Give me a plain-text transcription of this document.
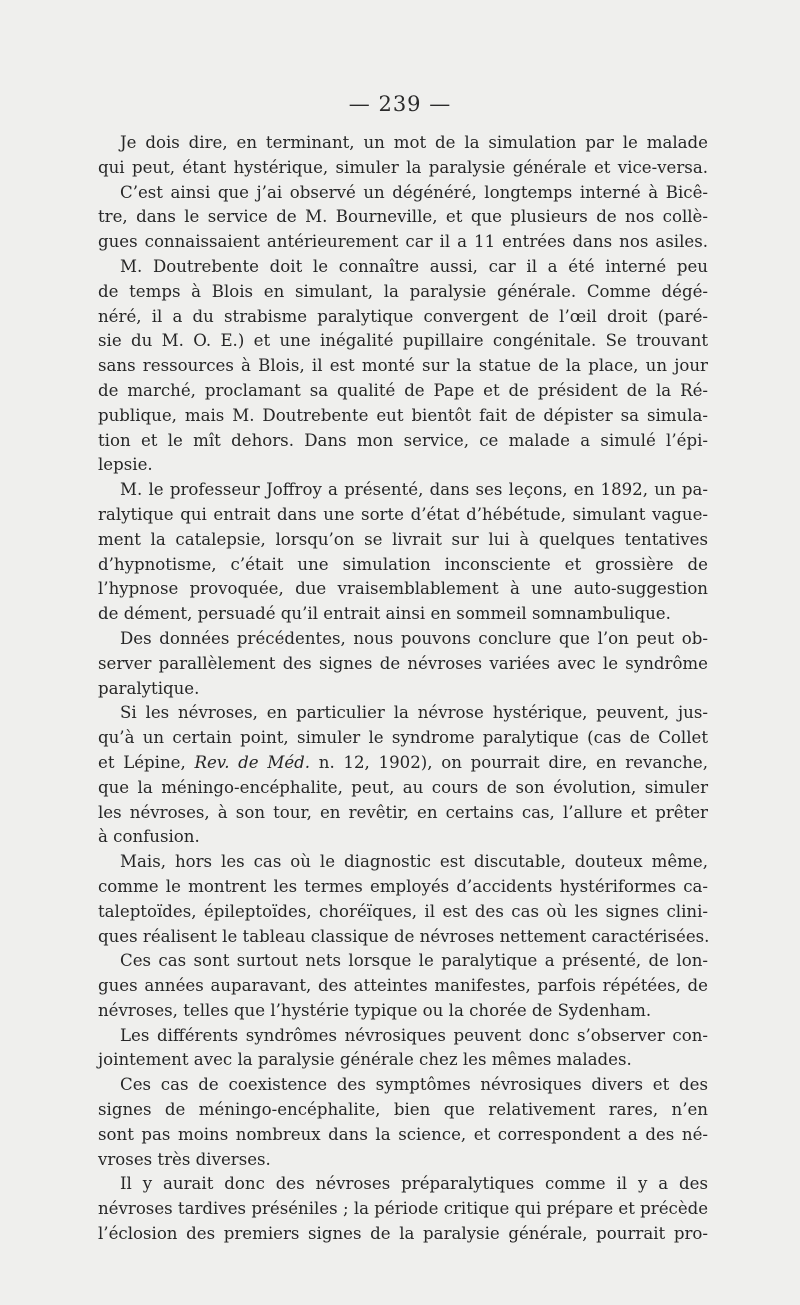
— 239 —
Je dois dire, en terminant, un mot de la simulation par le malade
qui peut, étant hystérique, simuler la paralysie générale et vice-versa.
C’est ainsi que j’ai observé un dégénéré, longtemps interné à Bicê-
tre, dans le service de M. Bourneville, et que plusieurs de nos collè-
gues connaissaient antérieurement car il a 11 entrées dans nos asiles.
M. Doutrebente doit le connaître aussi, car il a été interné peu
de temps à Blois en simulant, la paralysie générale. Comme dégé-
néré, il a du strabisme paralytique convergent de l’œil droit (paré-
sie du M. O. E.) et une inégalité pupillaire congénitale. Se trouvant
sans ressources à Blois, il est monté sur la statue de la place, un jour
de marché, proclamant sa qualité de Pape et de président de la Ré-
publique, mais M. Doutrebente eut bientôt fait de dépister sa simula-
tion et le mît dehors. Dans mon service, ce malade a simulé l’épi-
lepsie.
M. le professeur Joffroy a présenté, dans ses leçons, en 1892, un pa-
ralytique qui entrait dans une sorte d’état d’hébétude, simulant vague-
ment la catalepsie, lorsqu’on se livrait sur lui à quelques tentatives
d’hypnotisme, c’était une simulation inconsciente et grossière de
l’hypnose provoquée, due vraisemblablement à une auto-suggestion
de dément, persuadé qu’il entrait ainsi en sommeil somnambulique.
Des données précédentes, nous pouvons conclure que l’on peut ob-
server parallèlement des signes de névroses variées avec le syndrôme
paralytique.
Si les névroses, en particulier la névrose hystérique, peuvent, jus-
qu’à un certain point, simuler le syndrome paralytique (cas de Collet
et Lépine, Rev. de Méd. n. 12, 1902), on pourrait dire, en revanche,
que la méningo-encéphalite, peut, au cours de son évolution, simuler
les névroses, à son tour, en revêtir, en certains cas, l’allure et prêter
à confusion.
Mais, hors les cas où le diagnostic est discutable, douteux même,
comme le montrent les termes employés d’accidents hystériformes ca-
taleptoïdes, épileptoïdes, choréïques, il est des cas où les signes clini-
ques réalisent le tableau classique de névroses nettement caractérisées.
Ces cas sont surtout nets lorsque le paralytique a présenté, de lon-
gues années auparavant, des atteintes manifestes, parfois répétées, de
névroses, telles que l’hystérie typique ou la chorée de Sydenham.
Les différents syndrômes névrosiques peuvent donc s’observer con-
jointement avec la paralysie générale chez les mêmes malades.
Ces cas de coexistence des symptômes névrosiques divers et des
signes de méningo-encéphalite, bien que relativement rares, n’en
sont pas moins nombreux dans la science, et correspondent a des né-
vroses très diverses.
Il y aurait donc des névroses préparalytiques comme il y a des
névroses tardives préséniles ; la période critique qui prépare et précède
l’éclosion des premiers signes de la paralysie générale, pourrait pro-
